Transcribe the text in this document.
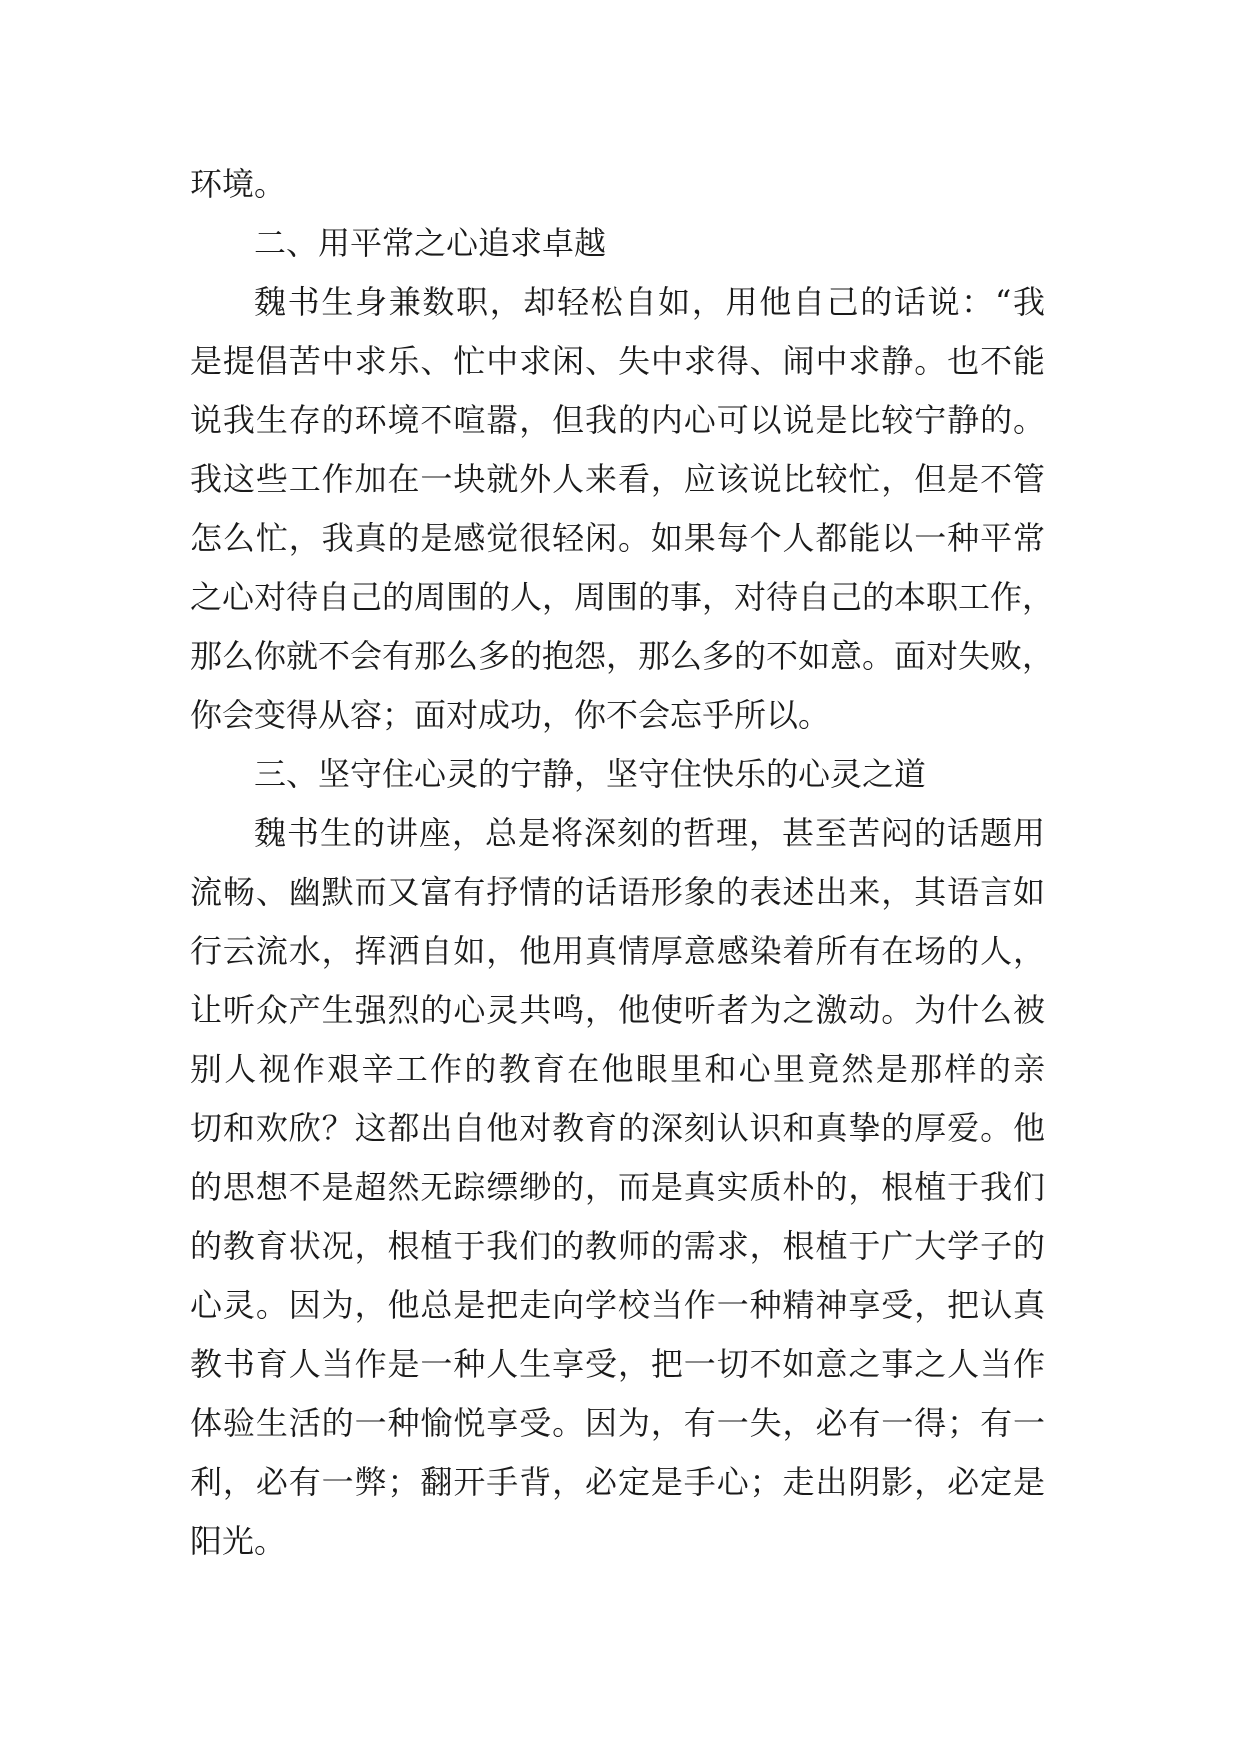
环境。
二、用平常之心追求卓越
魏书生身兼数职，却轻松自如，用他自己的话说：“我
是提倡苦中求乐、忙中求闲、失中求得、闹中求静。也不能
说我生存的环境不喧嚣，但我的内心可以说是比较宁静的。
我这些工作加在一块就外人来看，应该说比较忙，但是不管
怎么忙，我真的是感觉很轻闲。如果每个人都能以一种平常
之心对待自己的周围的人，周围的事，对待自己的本职工作，
那么你就不会有那么多的抱怨，那么多的不如意。面对失败，
你会变得从容；面对成功，你不会忘乎所以。
三、坚守住心灵的宁静，坚守住快乐的心灵之道
魏书生的讲座，总是将深刻的哲理，甚至苦闷的话题用
流畅、幽默而又富有抒情的话语形象的表述出来，其语言如
行云流水，挥洒自如，他用真情厚意感染着所有在场的人，
让听众产生强烈的心灵共鸣，他使听者为之激动。为什么被
别人视作艰辛工作的教育在他眼里和心里竟然是那样的亲
切和欢欣？这都出自他对教育的深刻认识和真挚的厚爱。他
的思想不是超然无踪缥缈的，而是真实质朴的，根植于我们
的教育状况，根植于我们的教师的需求，根植于广大学子的
心灵。因为，他总是把走向学校当作一种精神享受，把认真
教书育人当作是一种人生享受，把一切不如意之事之人当作
体验生活的一种愉悦享受。因为，有一失，必有一得；有一
利，必有一弊；翻开手背，必定是手心；走出阴影，必定是
阳光。
